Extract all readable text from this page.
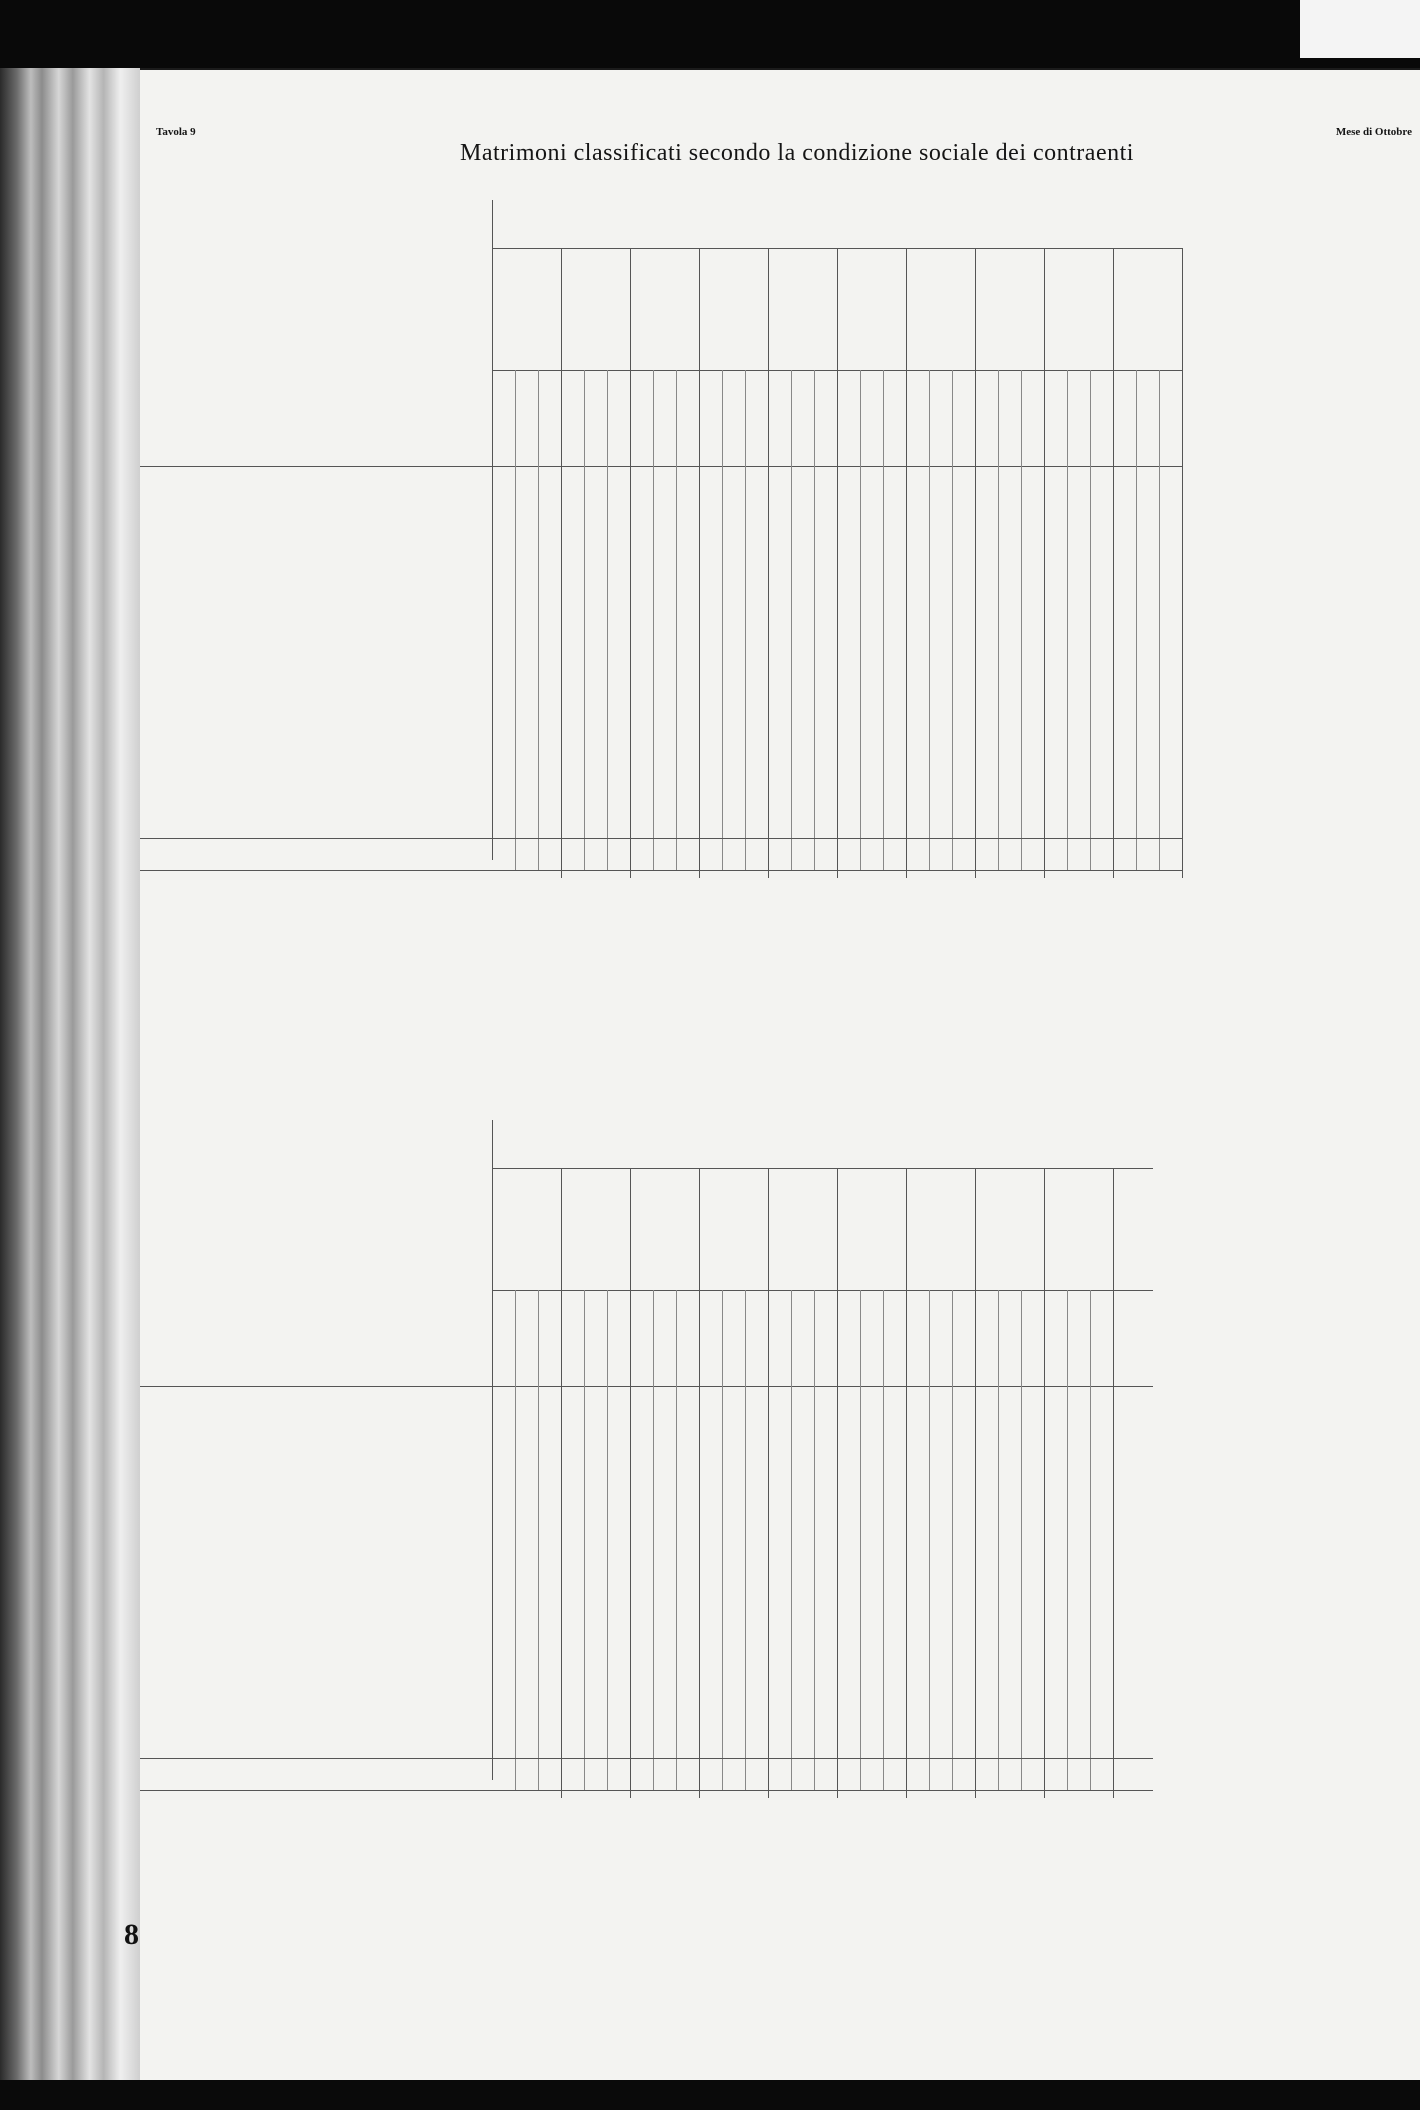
Tavola 9
Matrimoni classificati secondo la condizione sociale dei contraenti
Mese di Ottobre
8
